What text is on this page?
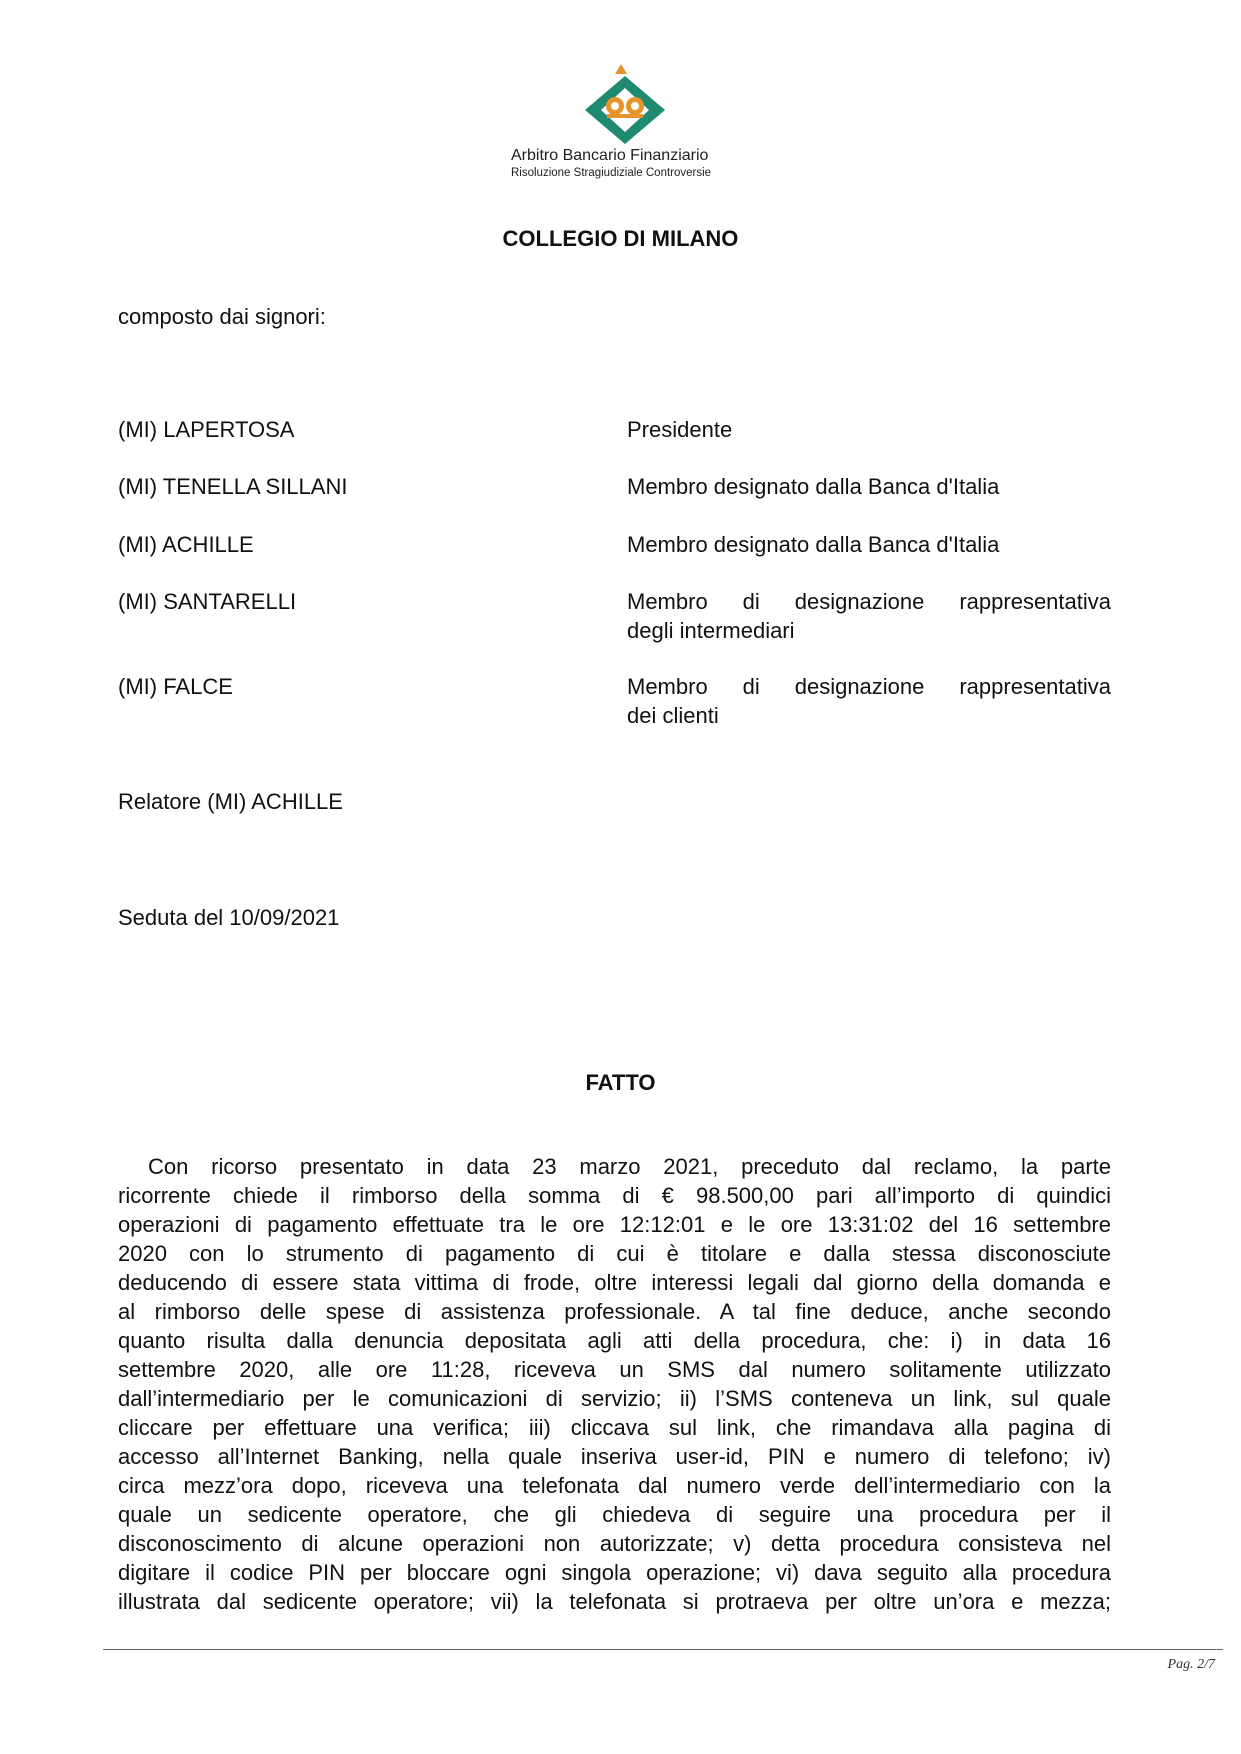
Arbitro Bancario Finanziario
Risoluzione Stragiudiziale Controversie
COLLEGIO DI MILANO
composto dai signori:
(MI) LAPERTOSA	Presidente
(MI) TENELLA SILLANI	Membro designato dalla Banca d'Italia
(MI) ACHILLE	Membro designato dalla Banca d'Italia
(MI) SANTARELLI	Membro di designazione rappresentativa
degli intermediari
(MI) FALCE	Membro di designazione rappresentativa
dei clienti
Relatore (MI) ACHILLE
Seduta del 10/09/2021
FATTO
Con ricorso presentato in data 23 marzo 2021, preceduto dal reclamo, la parte
ricorrente chiede il rimborso della somma di € 98.500,00 pari all’importo di quindici
operazioni di pagamento effettuate tra le ore 12:12:01 e le ore 13:31:02 del 16 settembre
2020 con lo strumento di pagamento di cui è titolare e dalla stessa disconosciute
deducendo di essere stata vittima di frode, oltre interessi legali dal giorno della domanda e
al rimborso delle spese di assistenza professionale. A tal fine deduce, anche secondo
quanto risulta dalla denuncia depositata agli atti della procedura, che: i) in data 16
settembre 2020, alle ore 11:28, riceveva un SMS dal numero solitamente utilizzato
dall’intermediario per le comunicazioni di servizio; ii) l’SMS conteneva un link, sul quale
cliccare per effettuare una verifica; iii) cliccava sul link, che rimandava alla pagina di
accesso all’Internet Banking, nella quale inseriva user-id, PIN e numero di telefono; iv)
circa mezz’ora dopo, riceveva una telefonata dal numero verde dell’intermediario con la
quale un sedicente operatore, che gli chiedeva di seguire una procedura per il
disconoscimento di alcune operazioni non autorizzate; v) detta procedura consisteva nel
digitare il codice PIN per bloccare ogni singola operazione; vi) dava seguito alla procedura
illustrata dal sedicente operatore; vii) la telefonata si protraeva per oltre un’ora e mezza;
Pag. 2/7
